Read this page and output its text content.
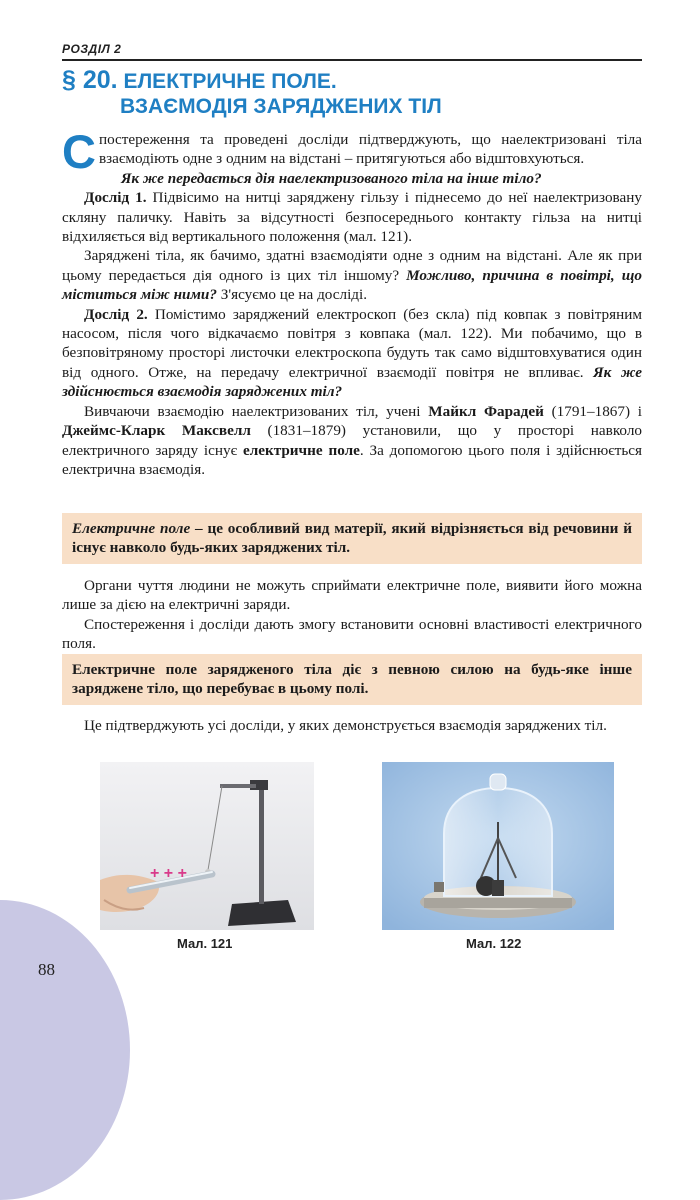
РОЗДІЛ 2
§ 20. ЕЛЕКТРИЧНЕ ПОЛЕ.
ВЗАЄМОДІЯ ЗАРЯДЖЕНИХ ТІЛ

Спостереження та проведені досліди підтверджують, що наелектризовані тіла взаємодіють одне з одним на відстані – притягуються або відштовхуються.

Як же передається дія наелектризованого тіла на інше тіло?

Дослід 1. Підвісимо на нитці заряджену гільзу і піднесемо до неї наелектризовану скляну паличку. Навіть за відсутності безпосереднього контакту гільза на нитці відхиляється від вертикального положення (мал. 121).

Заряджені тіла, як бачимо, здатні взаємодіяти одне з одним на відстані. Але як при цьому передається дія одного із цих тіл іншому? Можливо, причина в повітрі, що міститься між ними? З'ясуємо це на досліді.

Дослід 2. Помістимо заряджений електроскоп (без скла) під ковпак з повітряним насосом, після чого відкачаємо повітря з ковпака (мал. 122). Ми побачимо, що в безповітряному просторі листочки електроскопа будуть так само відштовхуватися один від одного. Отже, на передачу електричної взаємодії повітря не впливає. Як же здійснюється взаємодія заряджених тіл?

Вивчаючи взаємодію наелектризованих тіл, учені Майкл Фарадей (1791–1867) і Джеймс-Кларк Максвелл (1831–1879) установили, що у просторі навколо електричного заряду існує електричне поле. За допомогою цього поля і здійснюється електрична взаємодія.

Електричне поле – це особливий вид матерії, який відрізняється від речовини й існує навколо будь-яких заряджених тіл.

Органи чуття людини не можуть сприймати електричне поле, виявити його можна лише за дією на електричні заряди.

Спостереження і досліди дають змогу встановити основні властивості електричного поля.

Електричне поле зарядженого тіла діє з певною силою на будь-яке інше заряджене тіло, що перебуває в цьому полі.

Це підтверджують усі досліди, у яких демонструється взаємодія заряджених тіл.

+ + +
Мал. 121	Мал. 122
88
